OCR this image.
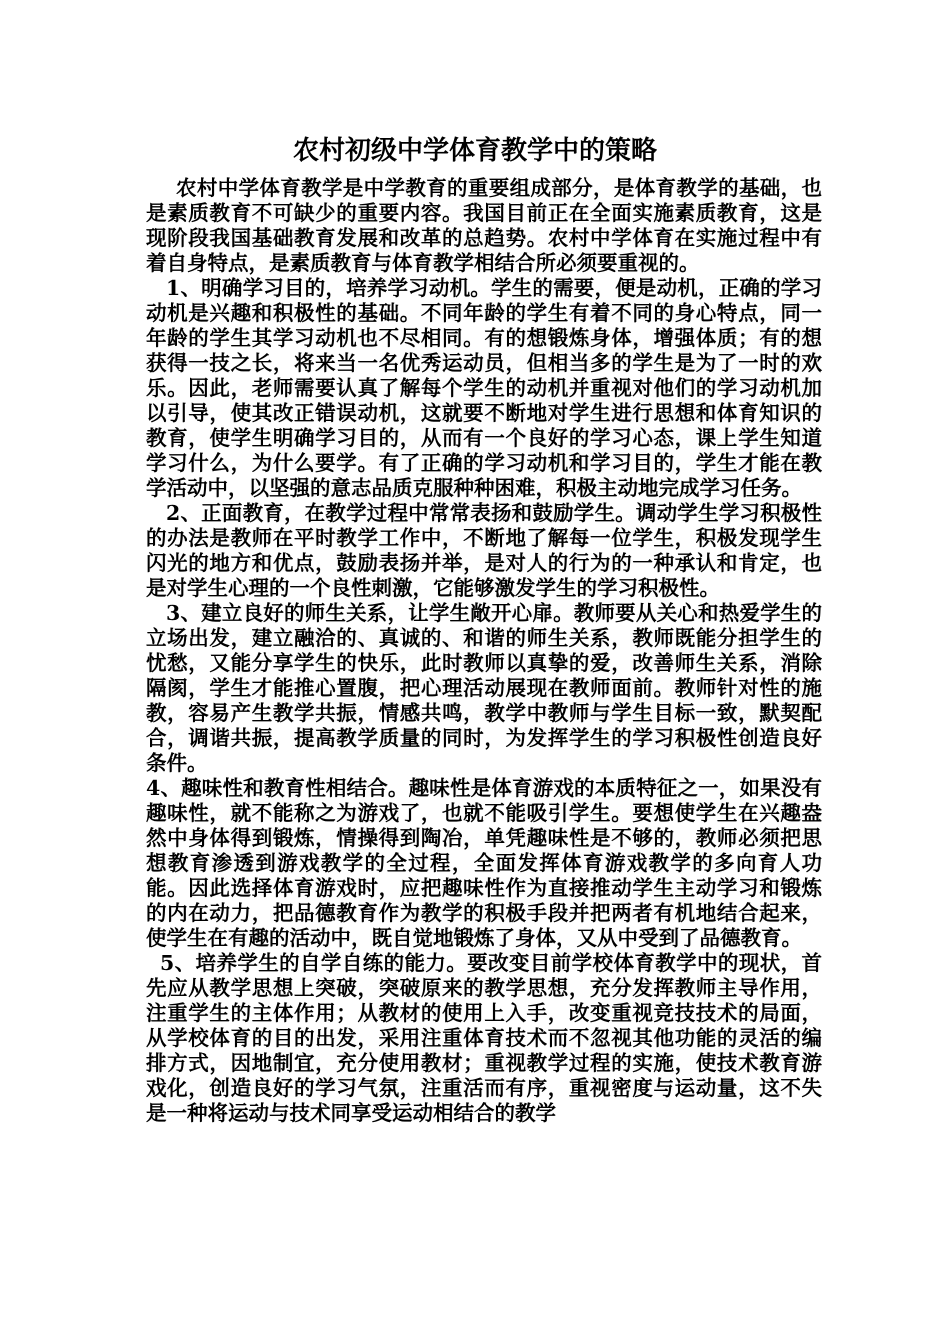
农村初级中学体育教学中的策略

农村中学体育教学是中学教育的重要组成部分，是体育教学的基础，也是素质教育不可缺少的重要内容。我国目前正在全面实施素质教育，这是现阶段我国基础教育发展和改革的总趋势。农村中学体育在实施过程中有着自身特点，是素质教育与体育教学相结合所必须要重视的。

1、明确学习目的，培养学习动机。学生的需要，便是动机，正确的学习动机是兴趣和积极性的基础。不同年龄的学生有着不同的身心特点，同一年龄的学生其学习动机也不尽相同。有的想锻炼身体，增强体质；有的想获得一技之长，将来当一名优秀运动员，但相当多的学生是为了一时的欢乐。因此，老师需要认真了解每个学生的动机并重视对他们的学习动机加以引导，使其改正错误动机，这就要不断地对学生进行思想和体育知识的教育，使学生明确学习目的，从而有一个良好的学习心态，课上学生知道学习什么，为什么要学。有了正确的学习动机和学习目的，学生才能在教学活动中，以坚强的意志品质克服种种困难，积极主动地完成学习任务。

2、正面教育，在教学过程中常常表扬和鼓励学生。调动学生学习积极性的办法是教师在平时教学工作中，不断地了解每一位学生，积极发现学生闪光的地方和优点，鼓励表扬并举，是对人的行为的一种承认和肯定，也是对学生心理的一个良性刺激，它能够激发学生的学习积极性。

3、建立良好的师生关系，让学生敞开心扉。教师要从关心和热爱学生的立场出发，建立融洽的、真诚的、和谐的师生关系，教师既能分担学生的忧愁，又能分享学生的快乐，此时教师以真挚的爱，改善师生关系，消除隔阂，学生才能推心置腹，把心理活动展现在教师面前。教师针对性的施教，容易产生教学共振，情感共鸣，教学中教师与学生目标一致，默契配合，调谐共振，提高教学质量的同时，为发挥学生的学习积极性创造良好条件。

4、趣味性和教育性相结合。趣味性是体育游戏的本质特征之一，如果没有趣味性，就不能称之为游戏了，也就不能吸引学生。要想使学生在兴趣盎然中身体得到锻炼，情操得到陶冶，单凭趣味性是不够的，教师必须把思想教育渗透到游戏教学的全过程，全面发挥体育游戏教学的多向育人功能。因此选择体育游戏时，应把趣味性作为直接推动学生主动学习和锻炼的内在动力，把品德教育作为教学的积极手段并把两者有机地结合起来，使学生在有趣的活动中，既自觉地锻炼了身体，又从中受到了品德教育。

5、培养学生的自学自练的能力。要改变目前学校体育教学中的现状，首先应从教学思想上突破，突破原来的教学思想，充分发挥教师主导作用，注重学生的主体作用；从教材的使用上入手，改变重视竞技技术的局面，从学校体育的目的出发，采用注重体育技术而不忽视其他功能的灵活的编排方式，因地制宜，充分使用教材；重视教学过程的实施，使技术教育游戏化，创造良好的学习气氛，注重活而有序，重视密度与运动量，这不失是一种将运动与技术同享受运动相结合的教学
